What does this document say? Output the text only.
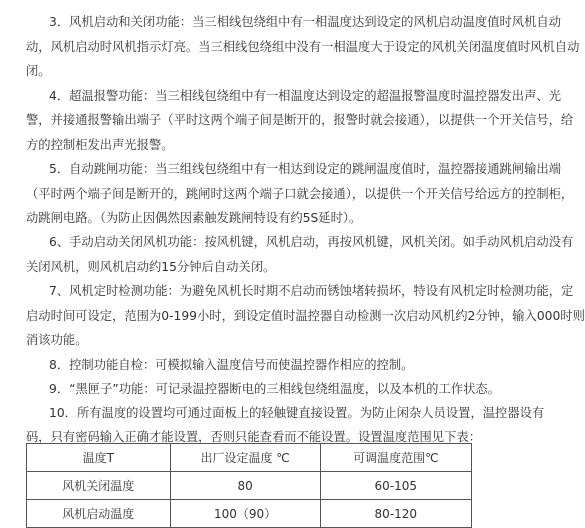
3．风机启动和关闭功能：当三相线包绕组中有一相温度达到设定的风机启动温度值时风机自动
动，风机启动时风机指示灯亮。当三相线包绕组中没有一相温度大于设定的风机关闭温度值时风机自动
闭。
4．超温报警功能：当三相线包绕组中有一相温度达到设定的超温报警温度时温控器发出声、光
警，并接通报警输出端子（平时这两个端子间是断开的，报警时就会接通），以提供一个开关信号，给
方的控制柜发出声光报警。
5．自动跳闸功能：当三组线包绕组中有一相达到设定的跳闸温度值时，温控器接通跳闸输出端
（平时两个端子间是断开的，跳闸时这两个端子口就会接通），以提供一个开关信号给远方的控制柜，
动跳闸电路。（为防止因偶然因素触发跳闸特设有约5S延时）。
6、手动启动关闭风机功能：按风机键，风机启动，再按风机键，风机关闭。如手动风机启动没有
关闭风机，则风机启动约15分钟后自动关闭。
7、风机定时检测功能：为避免风机长时期不启动而锈蚀堵转损坏，特设有风机定时检测功能，定
启动时间可设定，范围为0-199小时，到设定值时温控器自动检测一次启动风机约2分钟，输入000时则
消该功能。
8．控制功能自检：可模拟输入温度信号而使温控器作相应的控制。
9．“黑匣子”功能：可记录温控器断电的三相线包绕组温度，以及本机的工作状态。
10．所有温度的设置均可通过面板上的轻触键直接设置。为防止闲杂人员设置，温控器设有
码，只有密码输入正确才能设置，否则只能查看而不能设置。设置温度范围见下表：
温度T	出厂设定温度 ℃	可调温度范围℃
风机关闭温度	80	60-105
风机启动温度	100（90）	80-120
